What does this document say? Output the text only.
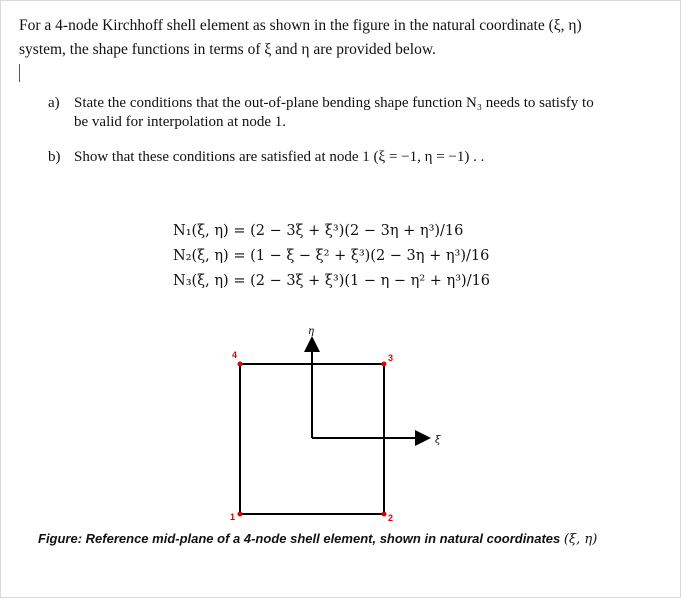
For a 4-node Kirchhoff shell element as shown in the figure in the natural coordinate (ξ, η)
system, the shape functions in terms of ξ and η are provided below.
a) State the conditions that the out-of-plane bending shape function N₃ needs to satisfy to
be valid for interpolation at node 1.
b) Show that these conditions are satisfied at node 1 (ξ = −1, η = −1) . .
N₁(ξ, η) = (2 − 3ξ + ξ³)(2 − 3η + η³)/16
N₂(ξ, η) = (1 − ξ − ξ² + ξ³)(2 − 3η + η³)/16
N₃(ξ, η) = (2 − 3ξ + ξ³)(1 − η − η² + η³)/16
η
ξ
1	2
3
4
Figure: Reference mid-plane of a 4-node shell element, shown in natural coordinates (ξ, η)
